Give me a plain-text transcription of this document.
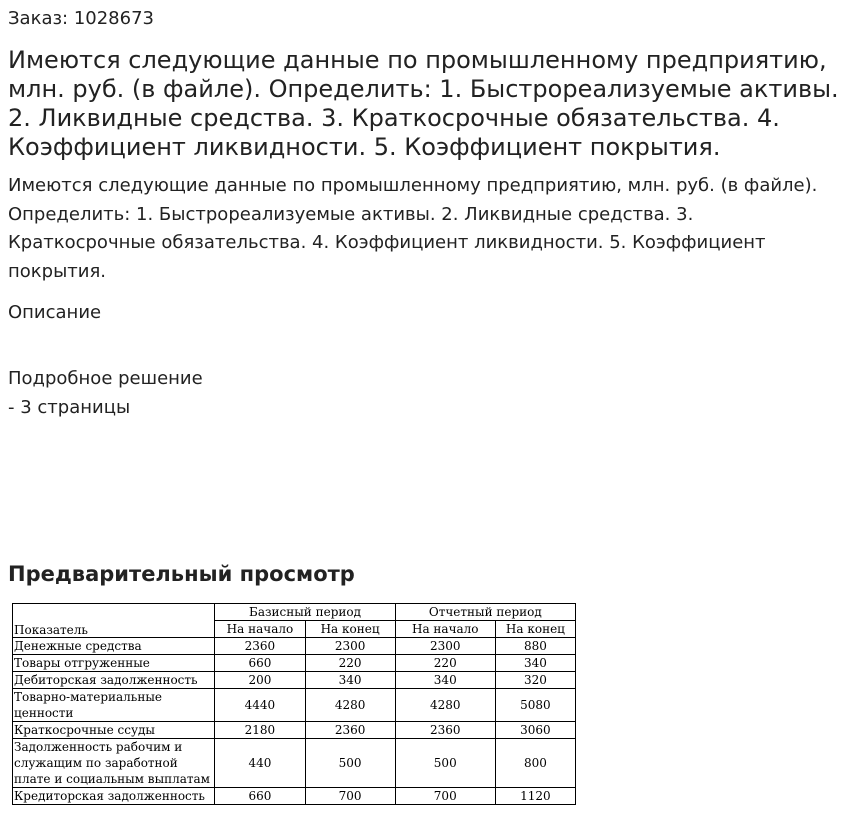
Заказ: 1028673
Имеются следующие данные по промышленному предприятию, млн. руб. (в файле). Определить: 1. Быстрореализуемые активы. 2. Ликвидные средства. 3. Краткосрочные обязательства. 4. Коэффициент ликвидности. 5. Коэффициент покрытия.
Имеются следующие данные по промышленному предприятию, млн. руб. (в файле). Определить: 1. Быстрореализуемые активы. 2. Ликвидные средства. 3. Краткосрочные обязательства. 4. Коэффициент ликвидности. 5. Коэффициент покрытия.
Описание
Подробное решение
- 3 страницы
Предварительный просмотр
Показатель	Базисный период		Отчетный период	
	На начало	На конец	На начало	На конец
Денежные средства	2360	2300	2300	880
Товары отгруженные	660	220	220	340
Дебиторская задолженность	200	340	340	320
Товарно-материальные ценности	4440	4280	4280	5080
Краткосрочные ссуды	2180	2360	2360	3060
Задолженность рабочим и служащим по заработной плате и социальным выплатам	440	500	500	800
Кредиторская задолженность	660	700	700	1120
